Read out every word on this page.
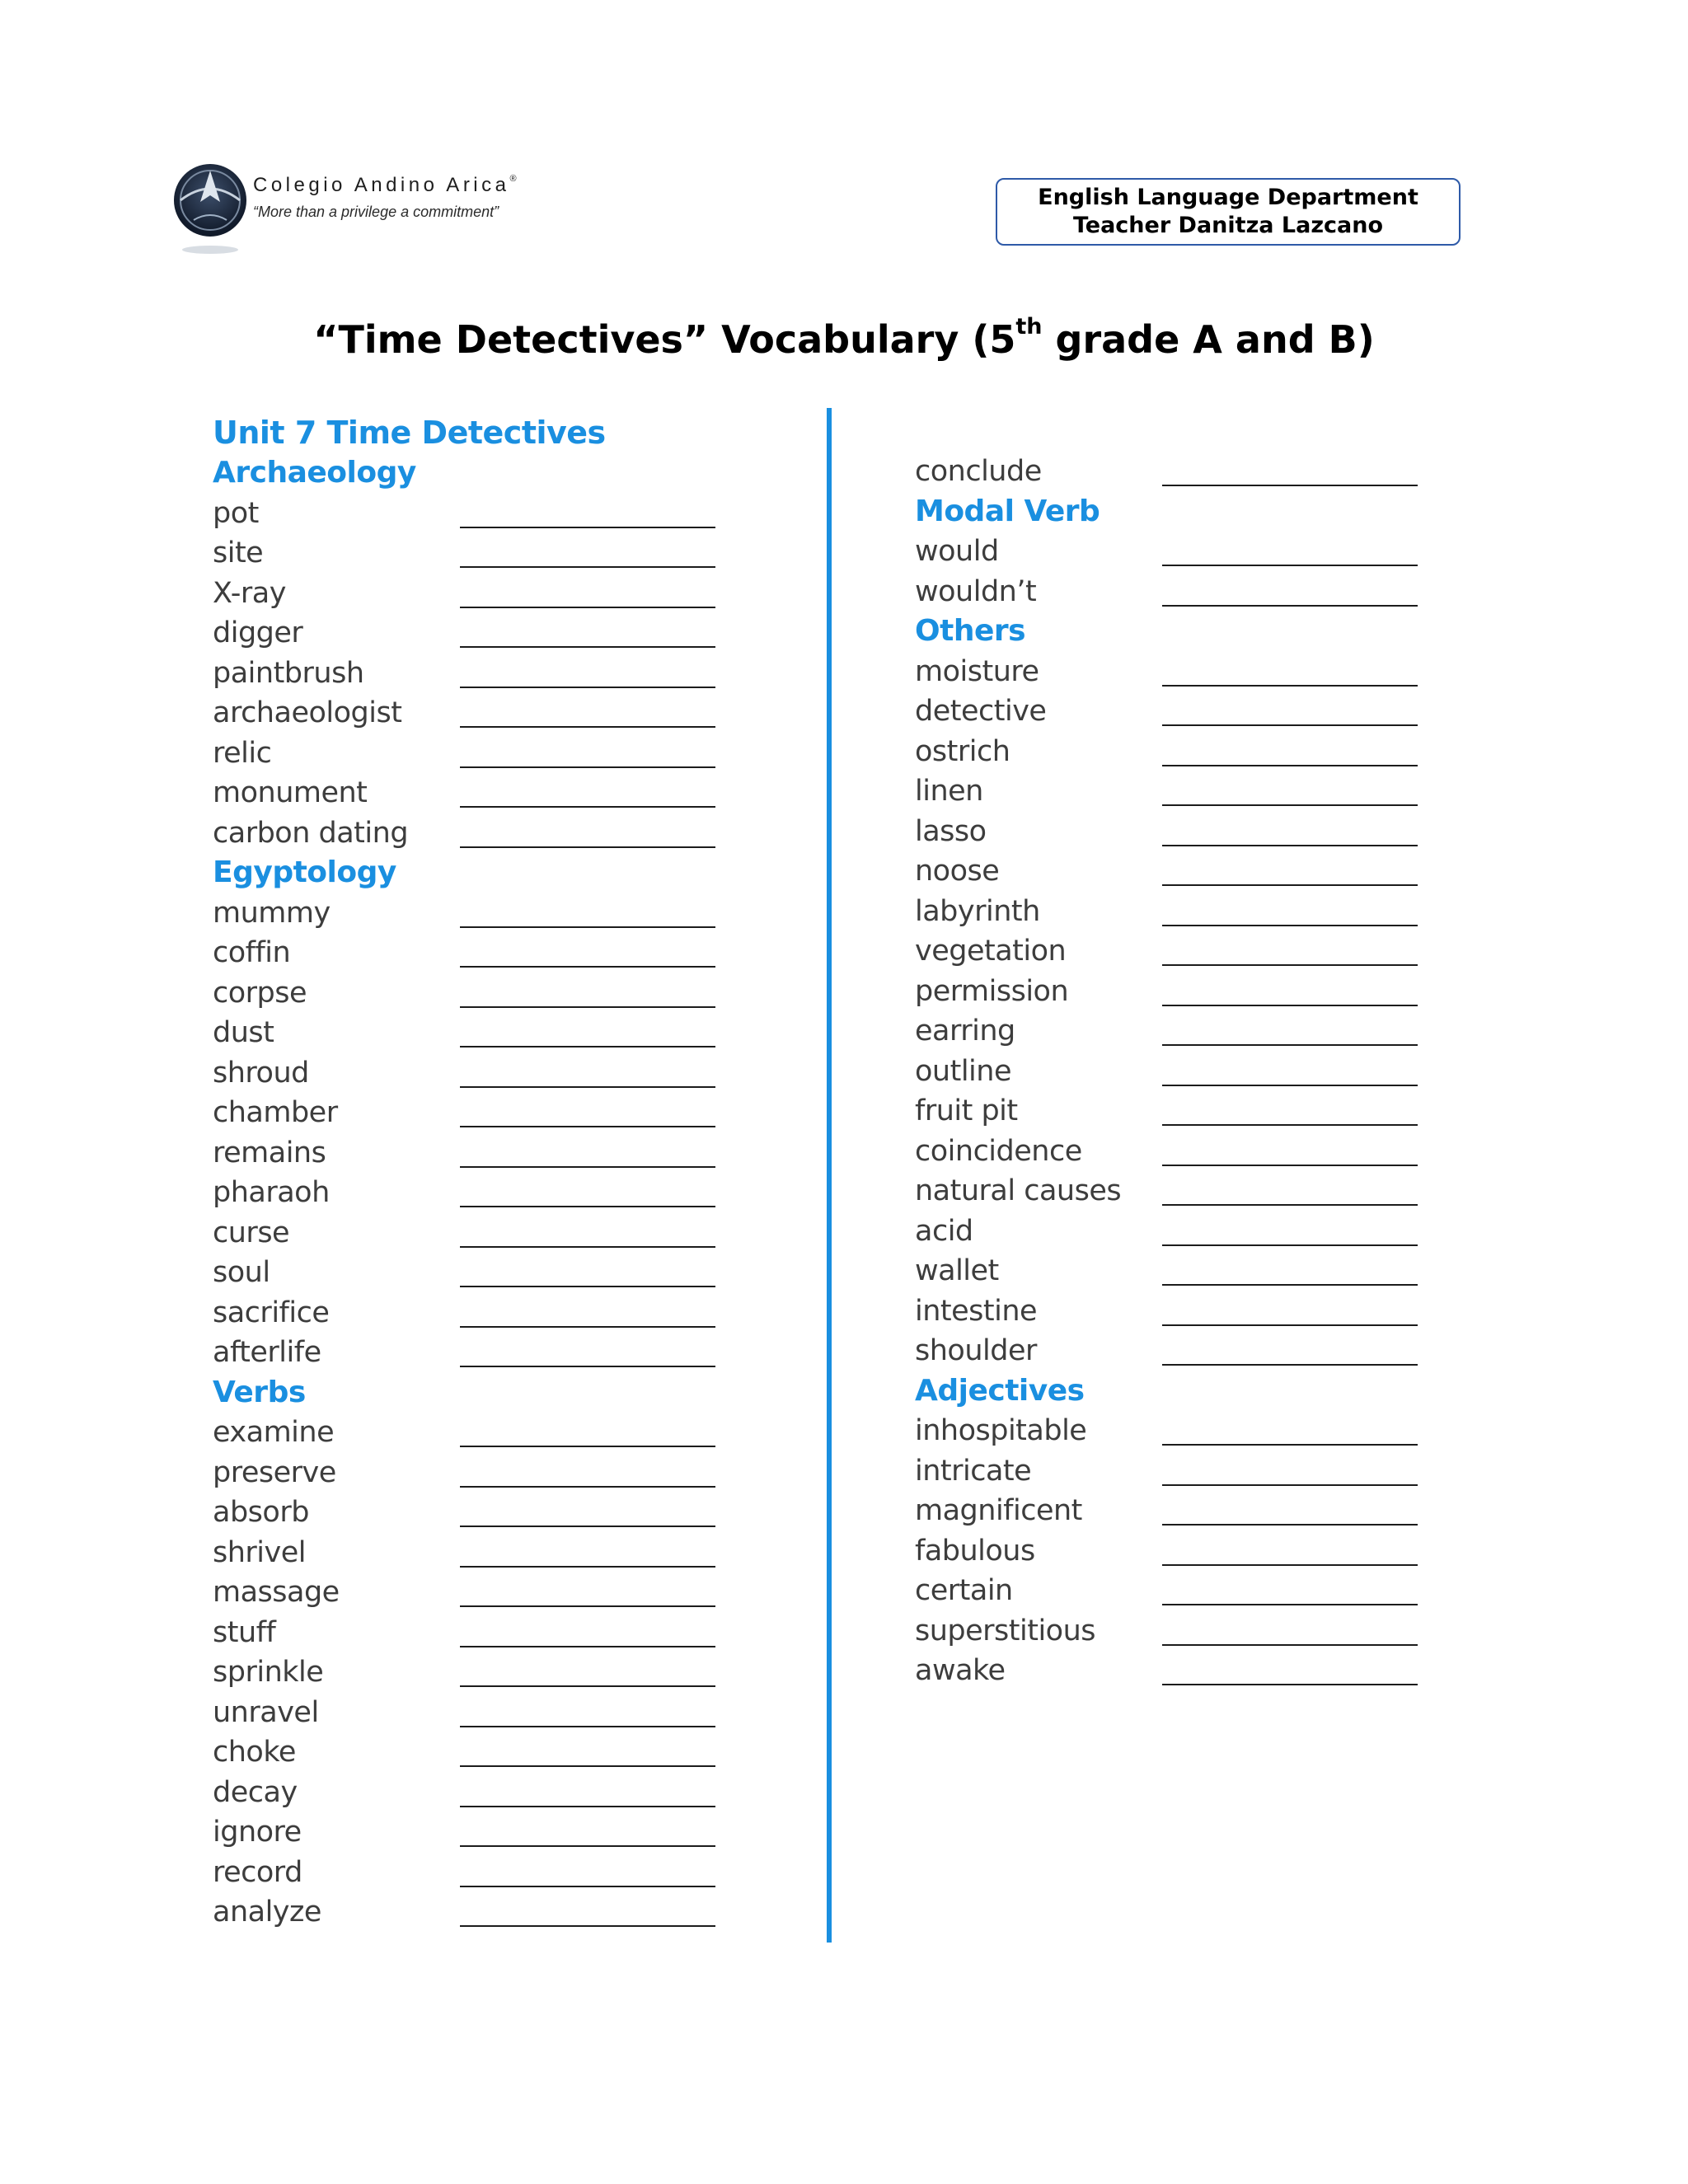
Colegio Andino Arica®
“More than a privilege a commitment”
English Language Department
Teacher Danitza Lazcano
“Time Detectives” Vocabulary (5th grade A and B)
Unit 7 Time Detectives
Archaeology
pot
site
X-ray
digger
paintbrush
archaeologist
relic
monument
carbon dating
Egyptology
mummy
coffin
corpse
dust
shroud
chamber
remains
pharaoh
curse
soul
sacrifice
afterlife
Verbs
examine
preserve
absorb
shrivel
massage
stuff
sprinkle
unravel
choke
decay
ignore
record
analyze
conclude
Modal Verb
would
wouldn’t
Others
moisture
detective
ostrich
linen
lasso
noose
labyrinth
vegetation
permission
earring
outline
fruit pit
coincidence
natural causes
acid
wallet
intestine
shoulder
Adjectives
inhospitable
intricate
magnificent
fabulous
certain
superstitious
awake
